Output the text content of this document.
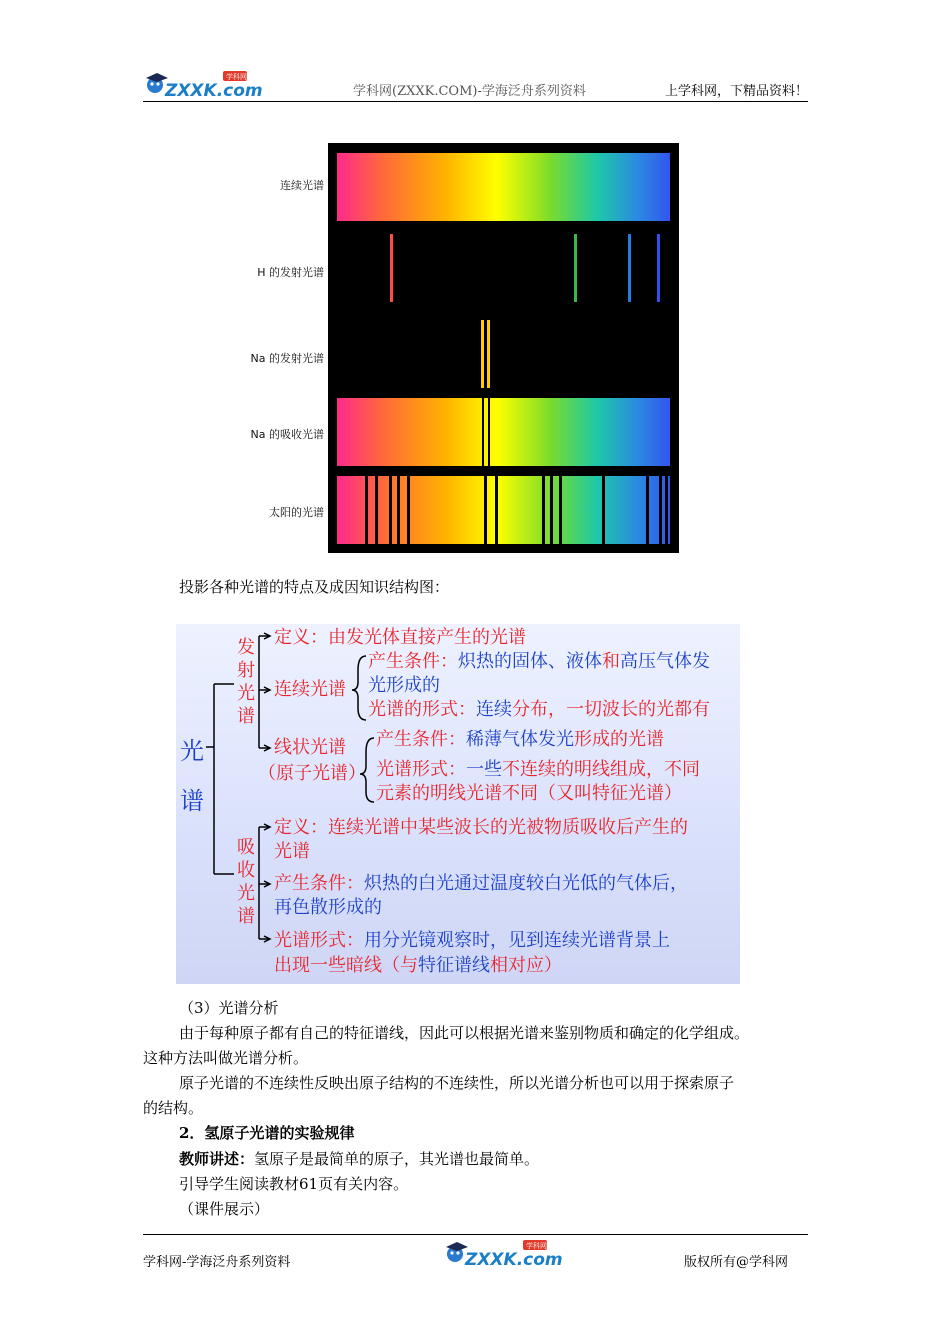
学科网
ZXXK.com	学科网(ZXXK.COM)-学海泛舟系列资料	上学科网，下精品资料！
连续光谱
H 的发射光谱
Na 的发射光谱
Na 的吸收光谱
太阳的光谱
投影各种光谱的特点及成因知识结构图：
光谱
发射光谱
定义：由发光体直接产生的光谱
连续光谱
产生条件：炽热的固体、液体和高压气体发
光形成的
光谱的形式：连续分布，一切波长的光都有
线状光谱
（原子光谱）
产生条件：稀薄气体发光形成的光谱
光谱形式：一些不连续的明线组成，不同
元素的明线光谱不同（又叫特征光谱）
吸收光谱
定义：连续光谱中某些波长的光被物质吸收后产生的
光谱
产生条件：炽热的白光通过温度较白光低的气体后，
再色散形成的
光谱形式：用分光镜观察时，见到连续光谱背景上
出现一些暗线（与特征谱线相对应）
（3）光谱分析
由于每种原子都有自己的特征谱线，因此可以根据光谱来鉴别物质和确定的化学组成。
这种方法叫做光谱分析。
原子光谱的不连续性反映出原子结构的不连续性，所以光谱分析也可以用于探索原子
的结构。
2．氢原子光谱的实验规律
教师讲述：氢原子是最简单的原子，其光谱也最简单。
引导学生阅读教材61页有关内容。
（课件展示）
学科网-学海泛舟系列资料
学科网
ZXXK.com	版权所有@学科网
